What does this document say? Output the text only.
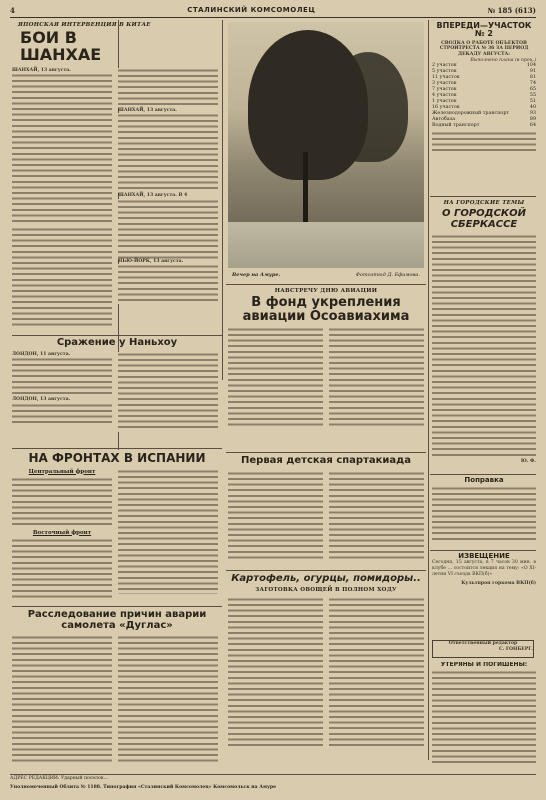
4	СТАЛИНСКИЙ КОМСОМОЛЕЦ	№ 185 (613)
ЯПОНСКАЯ ИНТЕРВЕНЦИЯ В КИТАЕ
БОИ В ШАНХАЕ
ШАНХАЙ, 13 августа.
ШАНХАЙ, 13 августа.
ШАНХАЙ, 13 августа. В 4
НЬЮ-ЙОРК, 13 августа.
Сражение у Наньхоу
ЛОНДОН, 11 августа.
ЛОНДОН, 13 августа.
НА ФРОНТАХ В ИСПАНИИ
Центральный фронт
Восточный фронт
Расследование причин аварии самолета «Дуглас»
Вечер на Амуре.	Фотоэтюд Д. Ефимова.
НАВСТРЕЧУ ДНЮ АВИАЦИИ
В фонд укрепления авиации Осоавиахима
Первая детская спартакиада
Картофель, огурцы, помидоры..
ЗАГОТОВКА ОВОЩЕЙ В ПОЛНОМ ХОДУ
ВПЕРЕДИ—УЧАСТОК № 2
СВОДКА О РАБОТЕ ОБЪЕКТОВ СТРОИТРЕСТА № 36 ЗА ПЕРИОД ДЕКАДУ АВГУСТА:
Выполнено плана (в проц.)
2 участок	104
5 участок	91
11 участок	81
3 участок	74
7 участок	65
4 участок	55
1 участок	51
16 участок	40
Железнодорожный транспорт	93
Автобаза	89
Водный транспорт	64
НА ГОРОДСКИЕ ТЕМЫ
О ГОРОДСКОЙ СБЕРКАССЕ
Ю. Ф.
Поправка
ИЗВЕЩЕНИЕ
Сегодня, 15 августа, в 7 часов 30 мин. в клубе ... состоится лекция на тему: «О XI-летии VI съезда ВКП(б)»
Культпроп горкома ВКП(б)
Ответственный редактор
С. ГОНБЕРГ.
УТЕРЯНЫ И ПОГИШЕНЫ:
АДРЕС РЕДАКЦИИ: Ударный поселок...
Уполномоченный Облита № 1188. Типография «Сталинский Комсомолец» Комсомольск на Амуре
